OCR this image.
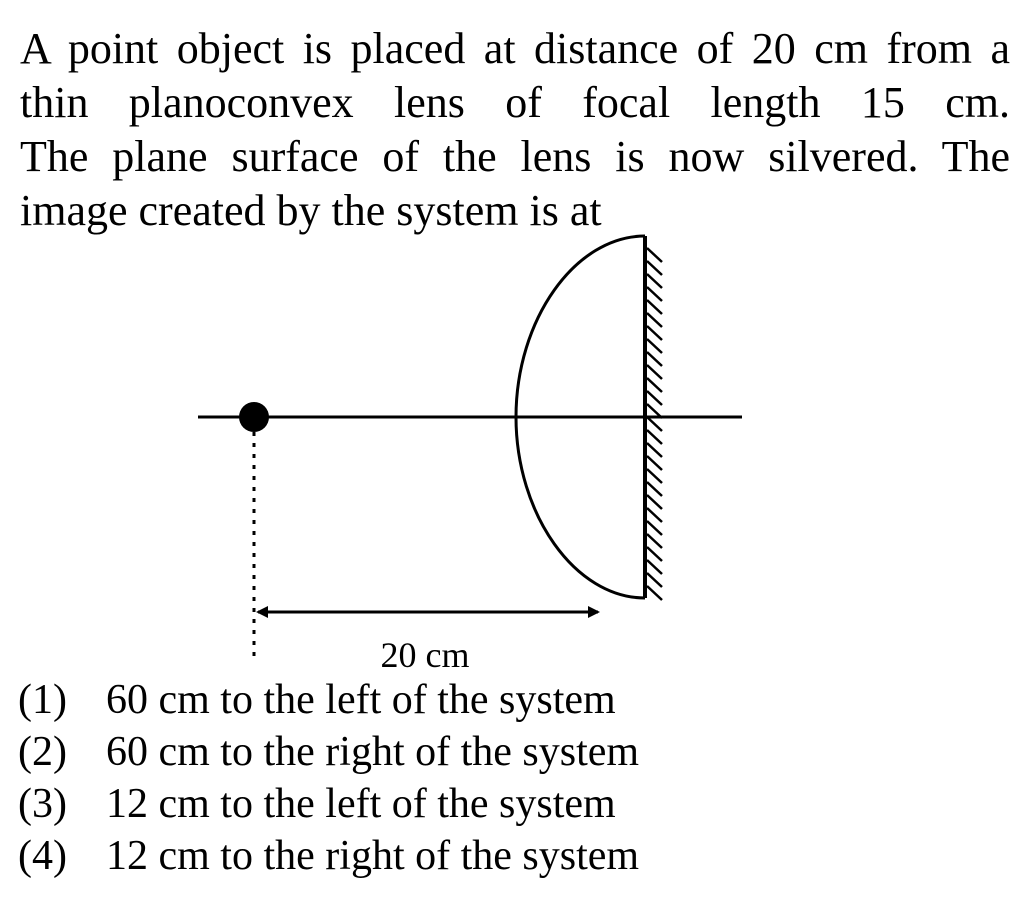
A point object is placed at distance of 20 cm from a
thin planoconvex lens of focal length 15 cm.
The plane surface of the lens is now silvered. The
image created by the system is at
20 cm
(1) 60 cm to the left of the system
(2) 60 cm to the right of the system
(3) 12 cm to the left of the system
(4) 12 cm to the right of the system
